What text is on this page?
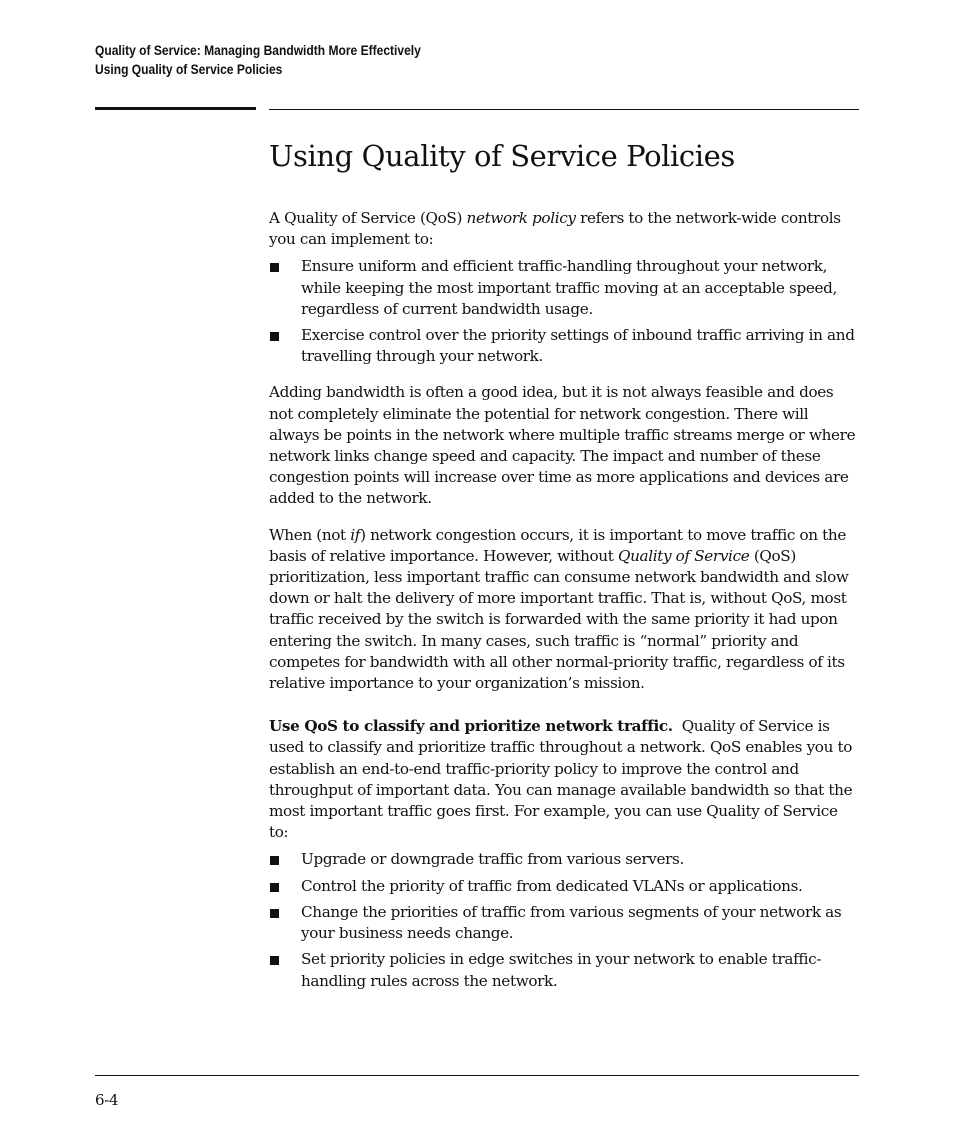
Quality of Service: Managing Bandwidth More Effectively
Using Quality of Service Policies
Using Quality of Service Policies

A Quality of Service (QoS) network policy refers to the network-wide controls you can implement to:

Ensure uniform and efficient traffic-handling throughout your network, while keeping the most important traffic moving at an acceptable speed, regardless of current bandwidth usage.
Exercise control over the priority settings of inbound traffic arriving in and travelling through your network.

Adding bandwidth is often a good idea, but it is not always feasible and does not completely eliminate the potential for network congestion. There will always be points in the network where multiple traffic streams merge or where network links change speed and capacity. The impact and number of these congestion points will increase over time as more applications and devices are added to the network.

When (not if) network congestion occurs, it is important to move traffic on the basis of relative importance. However, without Quality of Service (QoS) prioritization, less important traffic can consume network bandwidth and slow down or halt the delivery of more important traffic. That is, without QoS, most traffic received by the switch is forwarded with the same priority it had upon entering the switch. In many cases, such traffic is “normal” priority and competes for bandwidth with all other normal-priority traffic, regardless of its relative importance to your organization’s mission.

Use QoS to classify and prioritize network traffic. Quality of Service is used to classify and prioritize traffic throughout a network. QoS enables you to establish an end-to-end traffic-priority policy to improve the control and throughput of important data. You can manage available bandwidth so that the most important traffic goes first. For example, you can use Quality of Service to:

Upgrade or downgrade traffic from various servers.
Control the priority of traffic from dedicated VLANs or applications.
Change the priorities of traffic from various segments of your network as your business needs change.
Set priority policies in edge switches in your network to enable traffic-handling rules across the network.
6-4
